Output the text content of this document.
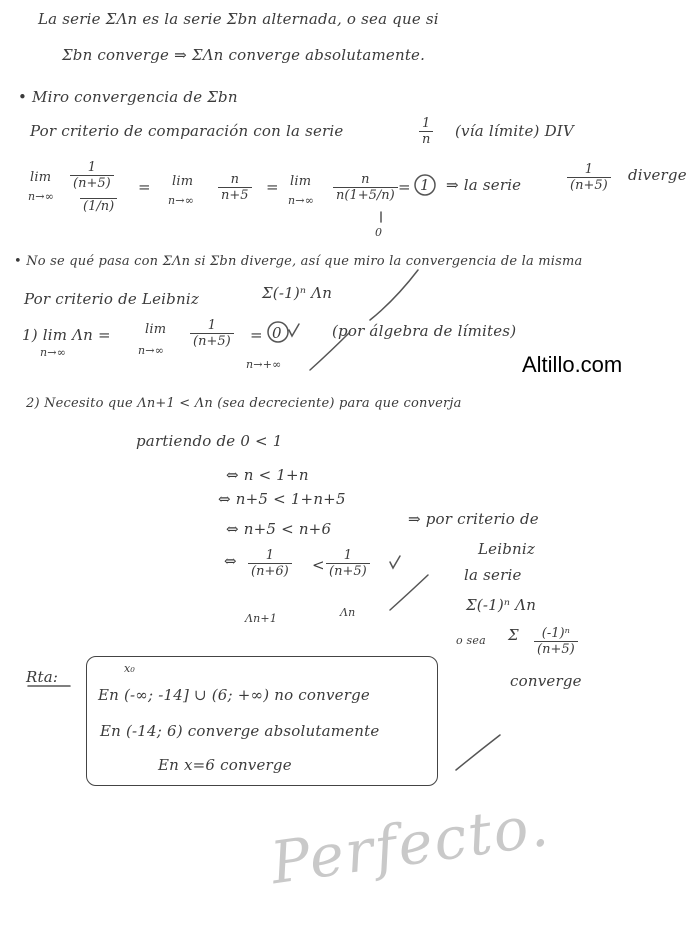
La serie ΣΛn es la serie Σbn alternada, o sea que si
Σbn converge ⇒ ΣΛn converge absolutamente.
• Miro convergencia de Σbn
Por criterio de comparación con la serie	$\frac{1}{n}$ (vía límite) DIV
lim
n→∞
$\frac{1}{(n+5)}$
(1/n)
= lim
$n\to\infty \frac{n}{n+5} = \lim$
$n\to\infty \frac{n}{n(1+5/n)}$
0
= 1 ⇒ la serie	$\frac{1}{(n+5)}$ diverge
• No se qué pasa con ΣΛn si Σbn diverge, así que miro la convergencia de la misma
Por criterio de Leibniz	Σ(-1)ⁿ Λn
1) lim Λn =
n→∞
lim
n→∞
$\frac{1}{(n+5)} = 0$
n→+∞
(por álgebra de límites)
Altillo.com
2) Necesito que Λn+1 < Λn (sea decreciente) para que converja
partiendo de 0 < 1
⇔ n < 1+n
⇔ n+5 < 1+n+5
⇔ n+5 < n+6
⇒ por criterio de
Leibniz
⇔ $\frac{1}{(n+6)} < \frac{1}{(n+5)}$
Λn+1	Λn
la serie
Σ(-1)ⁿ Λn
o sea Σ $\frac{\text{(-1)ⁿ}}{(n+5)}$
converge
Rta:	x₀
En (-∞; -14] ∪ (6; +∞) no converge
En (-14; 6) converge absolutamente
En x=6 converge
Perfecto.
